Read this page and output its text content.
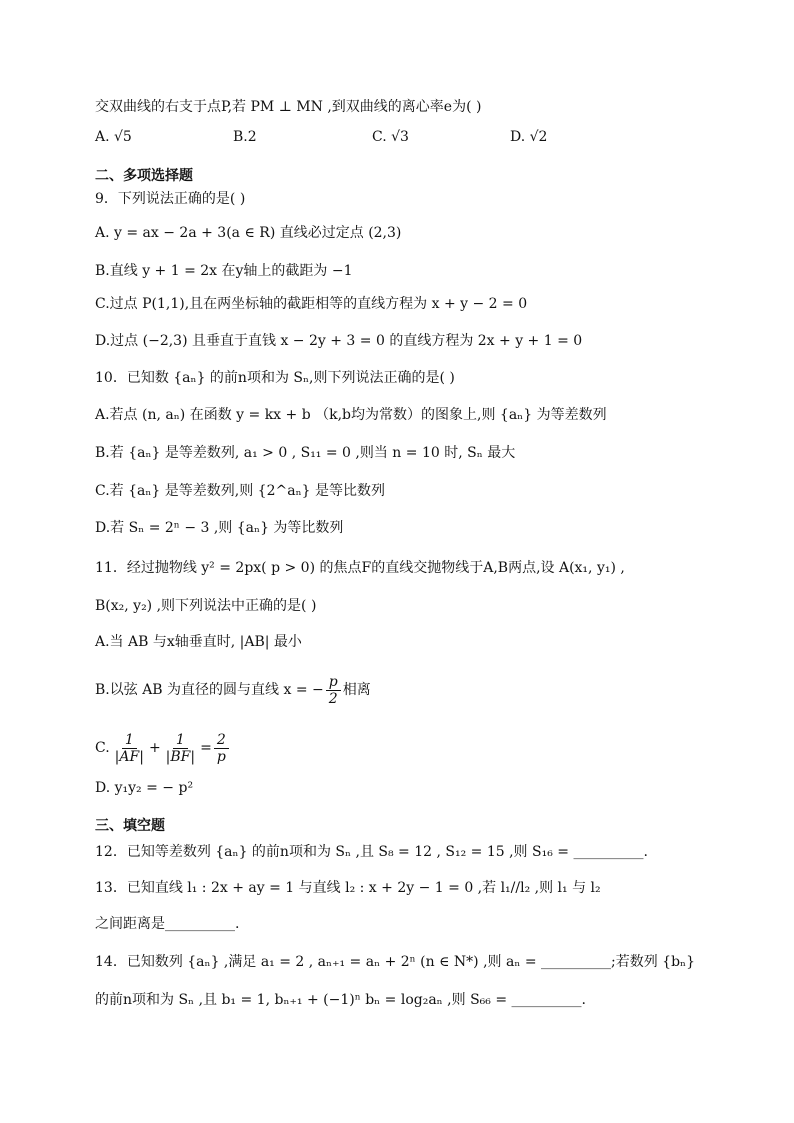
交双曲线的右支于点P,若 PM ⊥ MN ,到双曲线的离心率e为( )
A. √5	B.2	C. √3	D. √2
二、多项选择题
9．下列说法正确的是( )
A. y = ax − 2a + 3(a ∈ R) 直线必过定点 (2,3)
B.直线 y + 1 = 2x 在y轴上的截距为 −1
C.过点 P(1,1),且在两坐标轴的截距相等的直线方程为 x + y − 2 = 0
D.过点 (−2,3) 且垂直于直钱 x − 2y + 3 = 0 的直线方程为 2x + y + 1 = 0
10．已知数 {aₙ} 的前n项和为 Sₙ,则下列说法正确的是( )
A.若点 (n, aₙ) 在函数 y = kx + b （k,b均为常数）的图象上,则 {aₙ} 为等差数列
B.若 {aₙ} 是等差数列, a₁ > 0 , S₁₁ = 0 ,则当 n = 10 时, Sₙ 最大
C.若 {aₙ} 是等差数列,则 {2^aₙ} 是等比数列
D.若 Sₙ = 2ⁿ − 3 ,则 {aₙ} 为等比数列
11．经过抛物线 y² = 2px( p > 0) 的焦点F的直线交抛物线于A,B两点,设 A(x₁, y₁) ,
B(x₂, y₂) ,则下列说法中正确的是( )
A.当 AB 与x轴垂直时, |AB| 最小
B.以弦 AB 为直径的圆与直线 x = − $\frac{p}{2}$ 相离
C. $\frac{1}{|AF|} + \frac{1}{|BF|} = \frac{2}{p}$
D. y₁y₂ = − p²
三、填空题
12．已知等差数列 {aₙ} 的前n项和为 Sₙ ,且 S₈ = 12 , S₁₂ = 15 ,则 S₁₆ = __________.
13．已知直线 l₁ : 2x + ay = 1 与直线 l₂ : x + 2y − 1 = 0 ,若 l₁//l₂ ,则 l₁ 与 l₂
之间距离是__________.
14．已知数列 {aₙ} ,满足 a₁ = 2 , aₙ₊₁ = aₙ + 2ⁿ (n ∈ N*) ,则 aₙ = __________;若数列 {bₙ}
的前n项和为 Sₙ ,且 b₁ = 1, bₙ₊₁ + (−1)ⁿ bₙ = log₂aₙ ,则 S₆₆ = __________.
